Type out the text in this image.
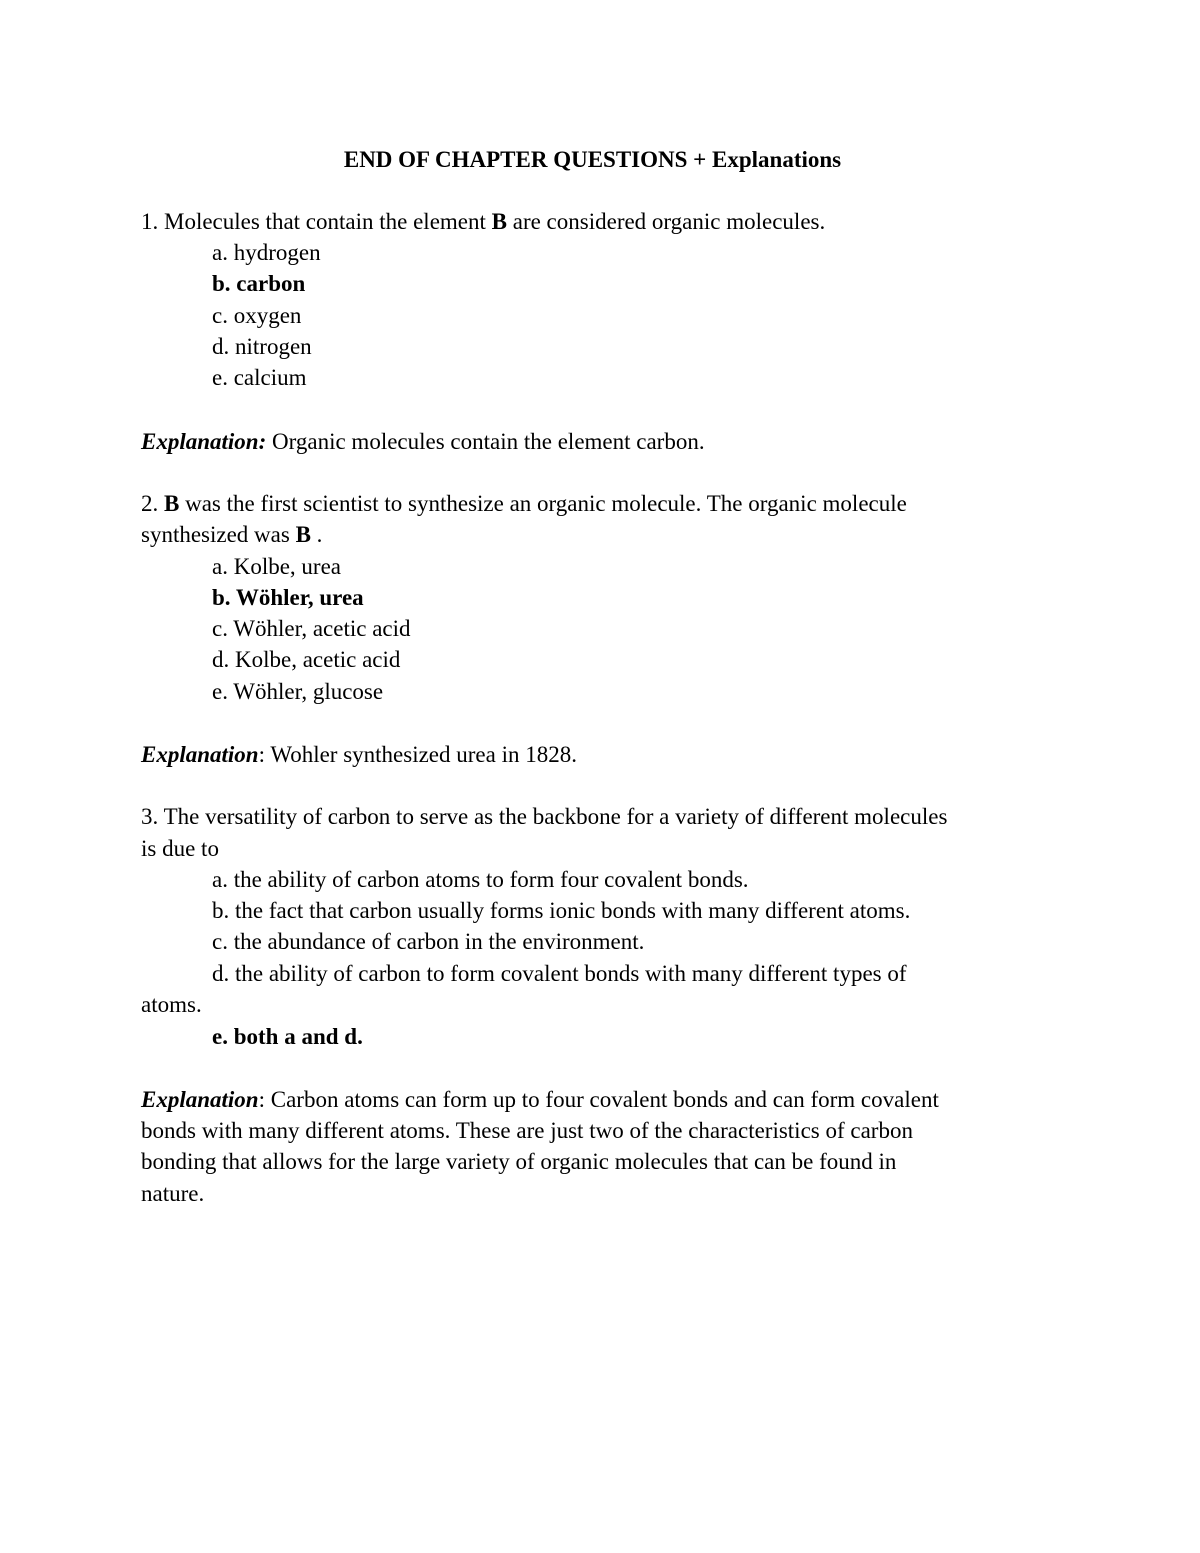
END OF CHAPTER QUESTIONS + Explanations
1. Molecules that contain the element B are considered organic molecules.
a. hydrogen
b. carbon
c. oxygen
d. nitrogen
e. calcium
Explanation: Organic molecules contain the element carbon.
2. B was the first scientist to synthesize an organic molecule. The organic molecule
synthesized was B .
a. Kolbe, urea
b. Wöhler, urea
c. Wöhler, acetic acid
d. Kolbe, acetic acid
e. Wöhler, glucose
Explanation: Wohler synthesized urea in 1828.
3. The versatility of carbon to serve as the backbone for a variety of different molecules
is due to
a. the ability of carbon atoms to form four covalent bonds.
b. the fact that carbon usually forms ionic bonds with many different atoms.
c. the abundance of carbon in the environment.
d. the ability of carbon to form covalent bonds with many different types of
atoms.
e. both a and d.
Explanation: Carbon atoms can form up to four covalent bonds and can form covalent
bonds with many different atoms. These are just two of the characteristics of carbon
bonding that allows for the large variety of organic molecules that can be found in
nature.
